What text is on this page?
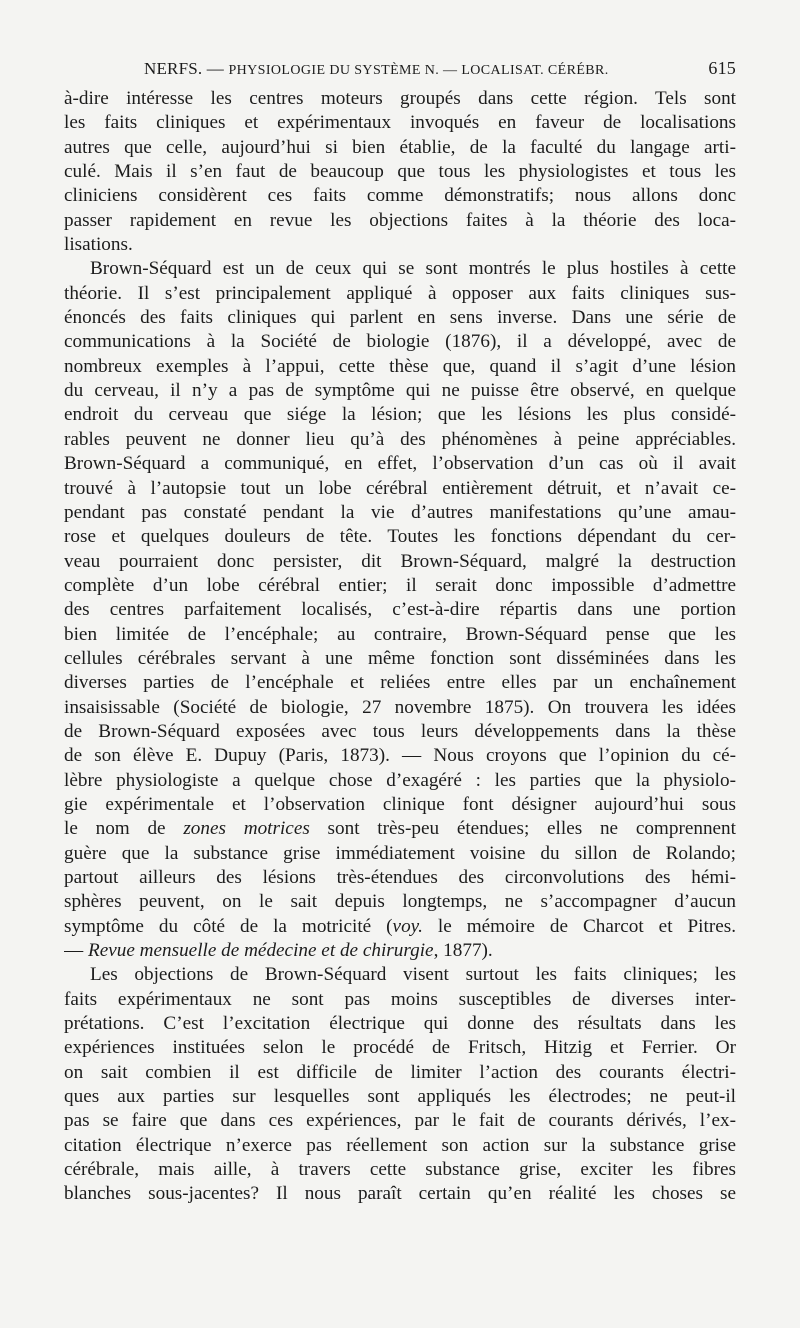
NERFS. — PHYSIOLOGIE DU SYSTÈME N. — LOCALISAT. CÉRÉBR.	615
à-dire intéresse les centres moteurs groupés dans cette région. Tels sont
les faits cliniques et expérimentaux invoqués en faveur de localisations
autres que celle, aujourd’hui si bien établie, de la faculté du langage arti-
culé. Mais il s’en faut de beaucoup que tous les physiologistes et tous les
cliniciens considèrent ces faits comme démonstratifs; nous allons donc
passer rapidement en revue les objections faites à la théorie des loca-
lisations.
Brown-Séquard est un de ceux qui se sont montrés le plus hostiles à cette
théorie. Il s’est principalement appliqué à opposer aux faits cliniques sus-
énoncés des faits cliniques qui parlent en sens inverse. Dans une série de
communications à la Société de biologie (1876), il a développé, avec de
nombreux exemples à l’appui, cette thèse que, quand il s’agit d’une lésion
du cerveau, il n’y a pas de symptôme qui ne puisse être observé, en quelque
endroit du cerveau que siége la lésion; que les lésions les plus considé-
rables peuvent ne donner lieu qu’à des phénomènes à peine appréciables.
Brown-Séquard a communiqué, en effet, l’observation d’un cas où il avait
trouvé à l’autopsie tout un lobe cérébral entièrement détruit, et n’avait ce-
pendant pas constaté pendant la vie d’autres manifestations qu’une amau-
rose et quelques douleurs de tête. Toutes les fonctions dépendant du cer-
veau pourraient donc persister, dit Brown-Séquard, malgré la destruction
complète d’un lobe cérébral entier; il serait donc impossible d’admettre
des centres parfaitement localisés, c’est-à-dire répartis dans une portion
bien limitée de l’encéphale; au contraire, Brown-Séquard pense que les
cellules cérébrales servant à une même fonction sont disséminées dans les
diverses parties de l’encéphale et reliées entre elles par un enchaînement
insaisissable (Société de biologie, 27 novembre 1875). On trouvera les idées
de Brown-Séquard exposées avec tous leurs développements dans la thèse
de son élève E. Dupuy (Paris, 1873). — Nous croyons que l’opinion du cé-
lèbre physiologiste a quelque chose d’exagéré : les parties que la physiolo-
gie expérimentale et l’observation clinique font désigner aujourd’hui sous
le nom de zones motrices sont très-peu étendues; elles ne comprennent
guère que la substance grise immédiatement voisine du sillon de Rolando;
partout ailleurs des lésions très-étendues des circonvolutions des hémi-
sphères peuvent, on le sait depuis longtemps, ne s’accompagner d’aucun
symptôme du côté de la motricité (voy. le mémoire de Charcot et Pitres.
— Revue mensuelle de médecine et de chirurgie, 1877).
Les objections de Brown-Séquard visent surtout les faits cliniques; les
faits expérimentaux ne sont pas moins susceptibles de diverses inter-
prétations. C’est l’excitation électrique qui donne des résultats dans les
expériences instituées selon le procédé de Fritsch, Hitzig et Ferrier. Or
on sait combien il est difficile de limiter l’action des courants électri-
ques aux parties sur lesquelles sont appliqués les électrodes; ne peut-il
pas se faire que dans ces expériences, par le fait de courants dérivés, l’ex-
citation électrique n’exerce pas réellement son action sur la substance grise
cérébrale, mais aille, à travers cette substance grise, exciter les fibres
blanches sous-jacentes? Il nous paraît certain qu’en réalité les choses se
